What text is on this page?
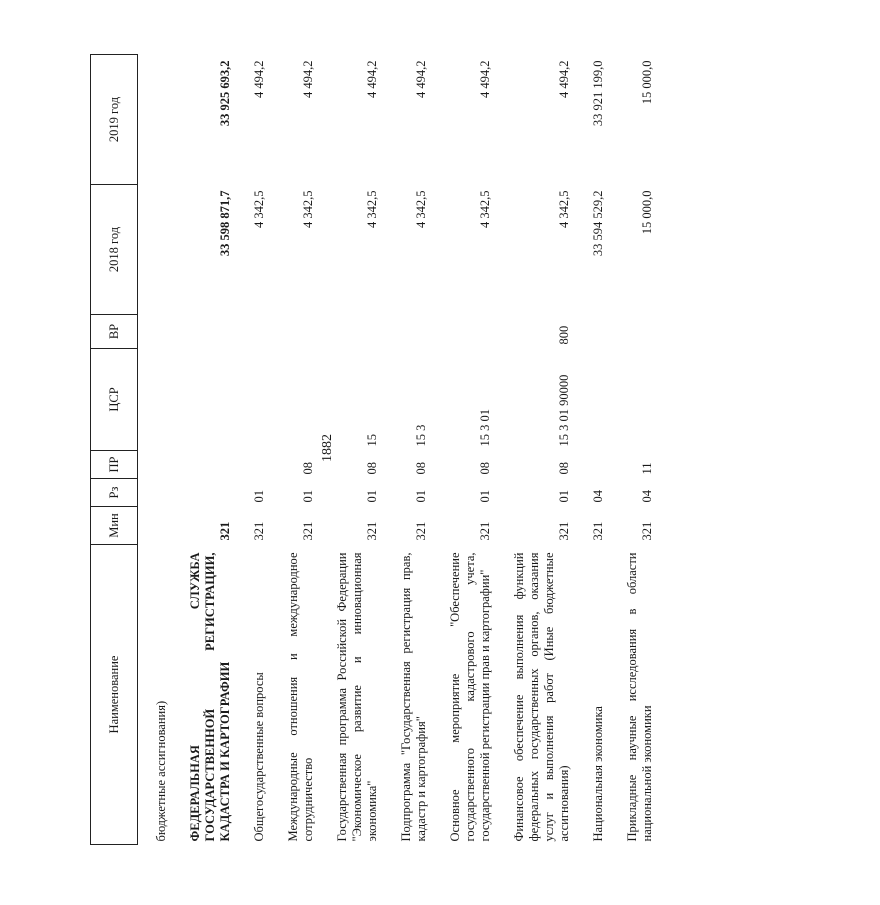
1882
Наименование	Мин	Рз	ПР	ЦСР	ВР	2018 год	2019 год
бюджетные ассигнования)							
ФЕДЕРАЛЬНАЯ СЛУЖБА ГОСУДАРСТВЕННОЙ РЕГИСТРАЦИИ, КАДАСТРА И КАРТОГРАФИИ	321					33 598 871,7	33 925 693,2
Общегосударственные вопросы	321	01				4 342,5	4 494,2
Международные отношения и международное сотрудничество	321	01	08			4 342,5	4 494,2
Государственная программа Российской Федерации "Экономическое развитие и инновационная экономика"	321	01	08	15		4 342,5	4 494,2
Подпрограмма "Государственная регистрация прав, кадастр и картография"	321	01	08	15 3		4 342,5	4 494,2
Основное мероприятие "Обеспечение государственного кадастрового учета, государственной регистрации прав и картографии"	321	01	08	15 3 01		4 342,5	4 494,2
Финансовое обеспечение выполнения функций федеральных государственных органов, оказания услуг и выполнения работ (Иные бюджетные ассигнования)	321	01	08	15 3 01 90000	800	4 342,5	4 494,2
Национальная экономика	321	04				33 594 529,2	33 921 199,0
Прикладные научные исследования в области национальной экономики	321	04	11			15 000,0	15 000,0
